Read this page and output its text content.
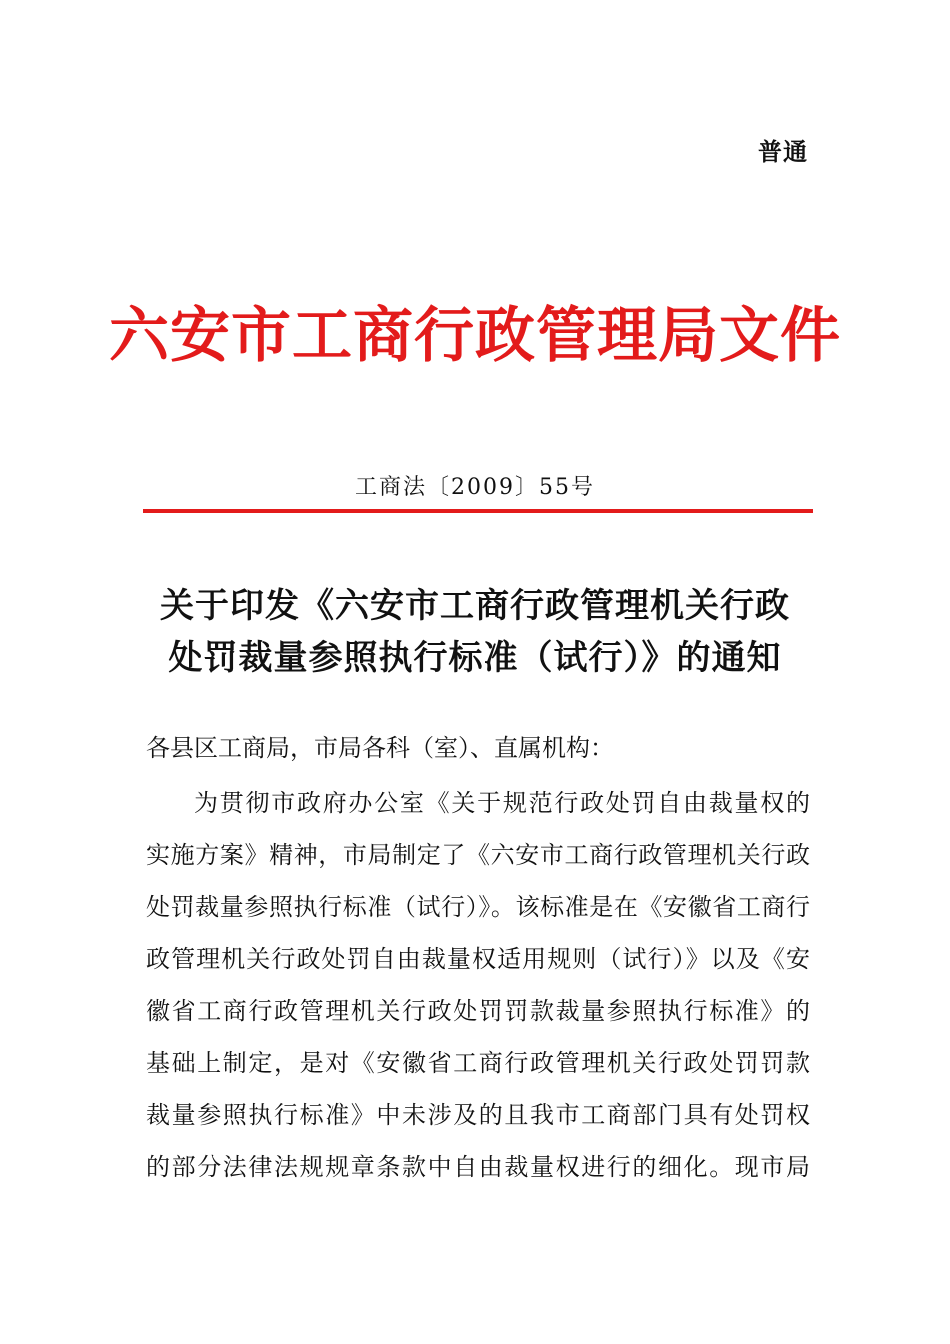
普通
六安市工商行政管理局文件
工商法〔2009〕55号
关于印发《六安市工商行政管理机关行政
处罚裁量参照执行标准（试行）》的通知
各县区工商局，市局各科（室）、直属机构：
为贯彻市政府办公室《关于规范行政处罚自由裁量权的
实施方案》精神，市局制定了《六安市工商行政管理机关行政
处罚裁量参照执行标准（试行）》。该标准是在《安徽省工商行
政管理机关行政处罚自由裁量权适用规则（试行）》以及《安
徽省工商行政管理机关行政处罚罚款裁量参照执行标准》的
基础上制定，是对《安徽省工商行政管理机关行政处罚罚款
裁量参照执行标准》中未涉及的且我市工商部门具有处罚权
的部分法律法规规章条款中自由裁量权进行的细化。现市局
